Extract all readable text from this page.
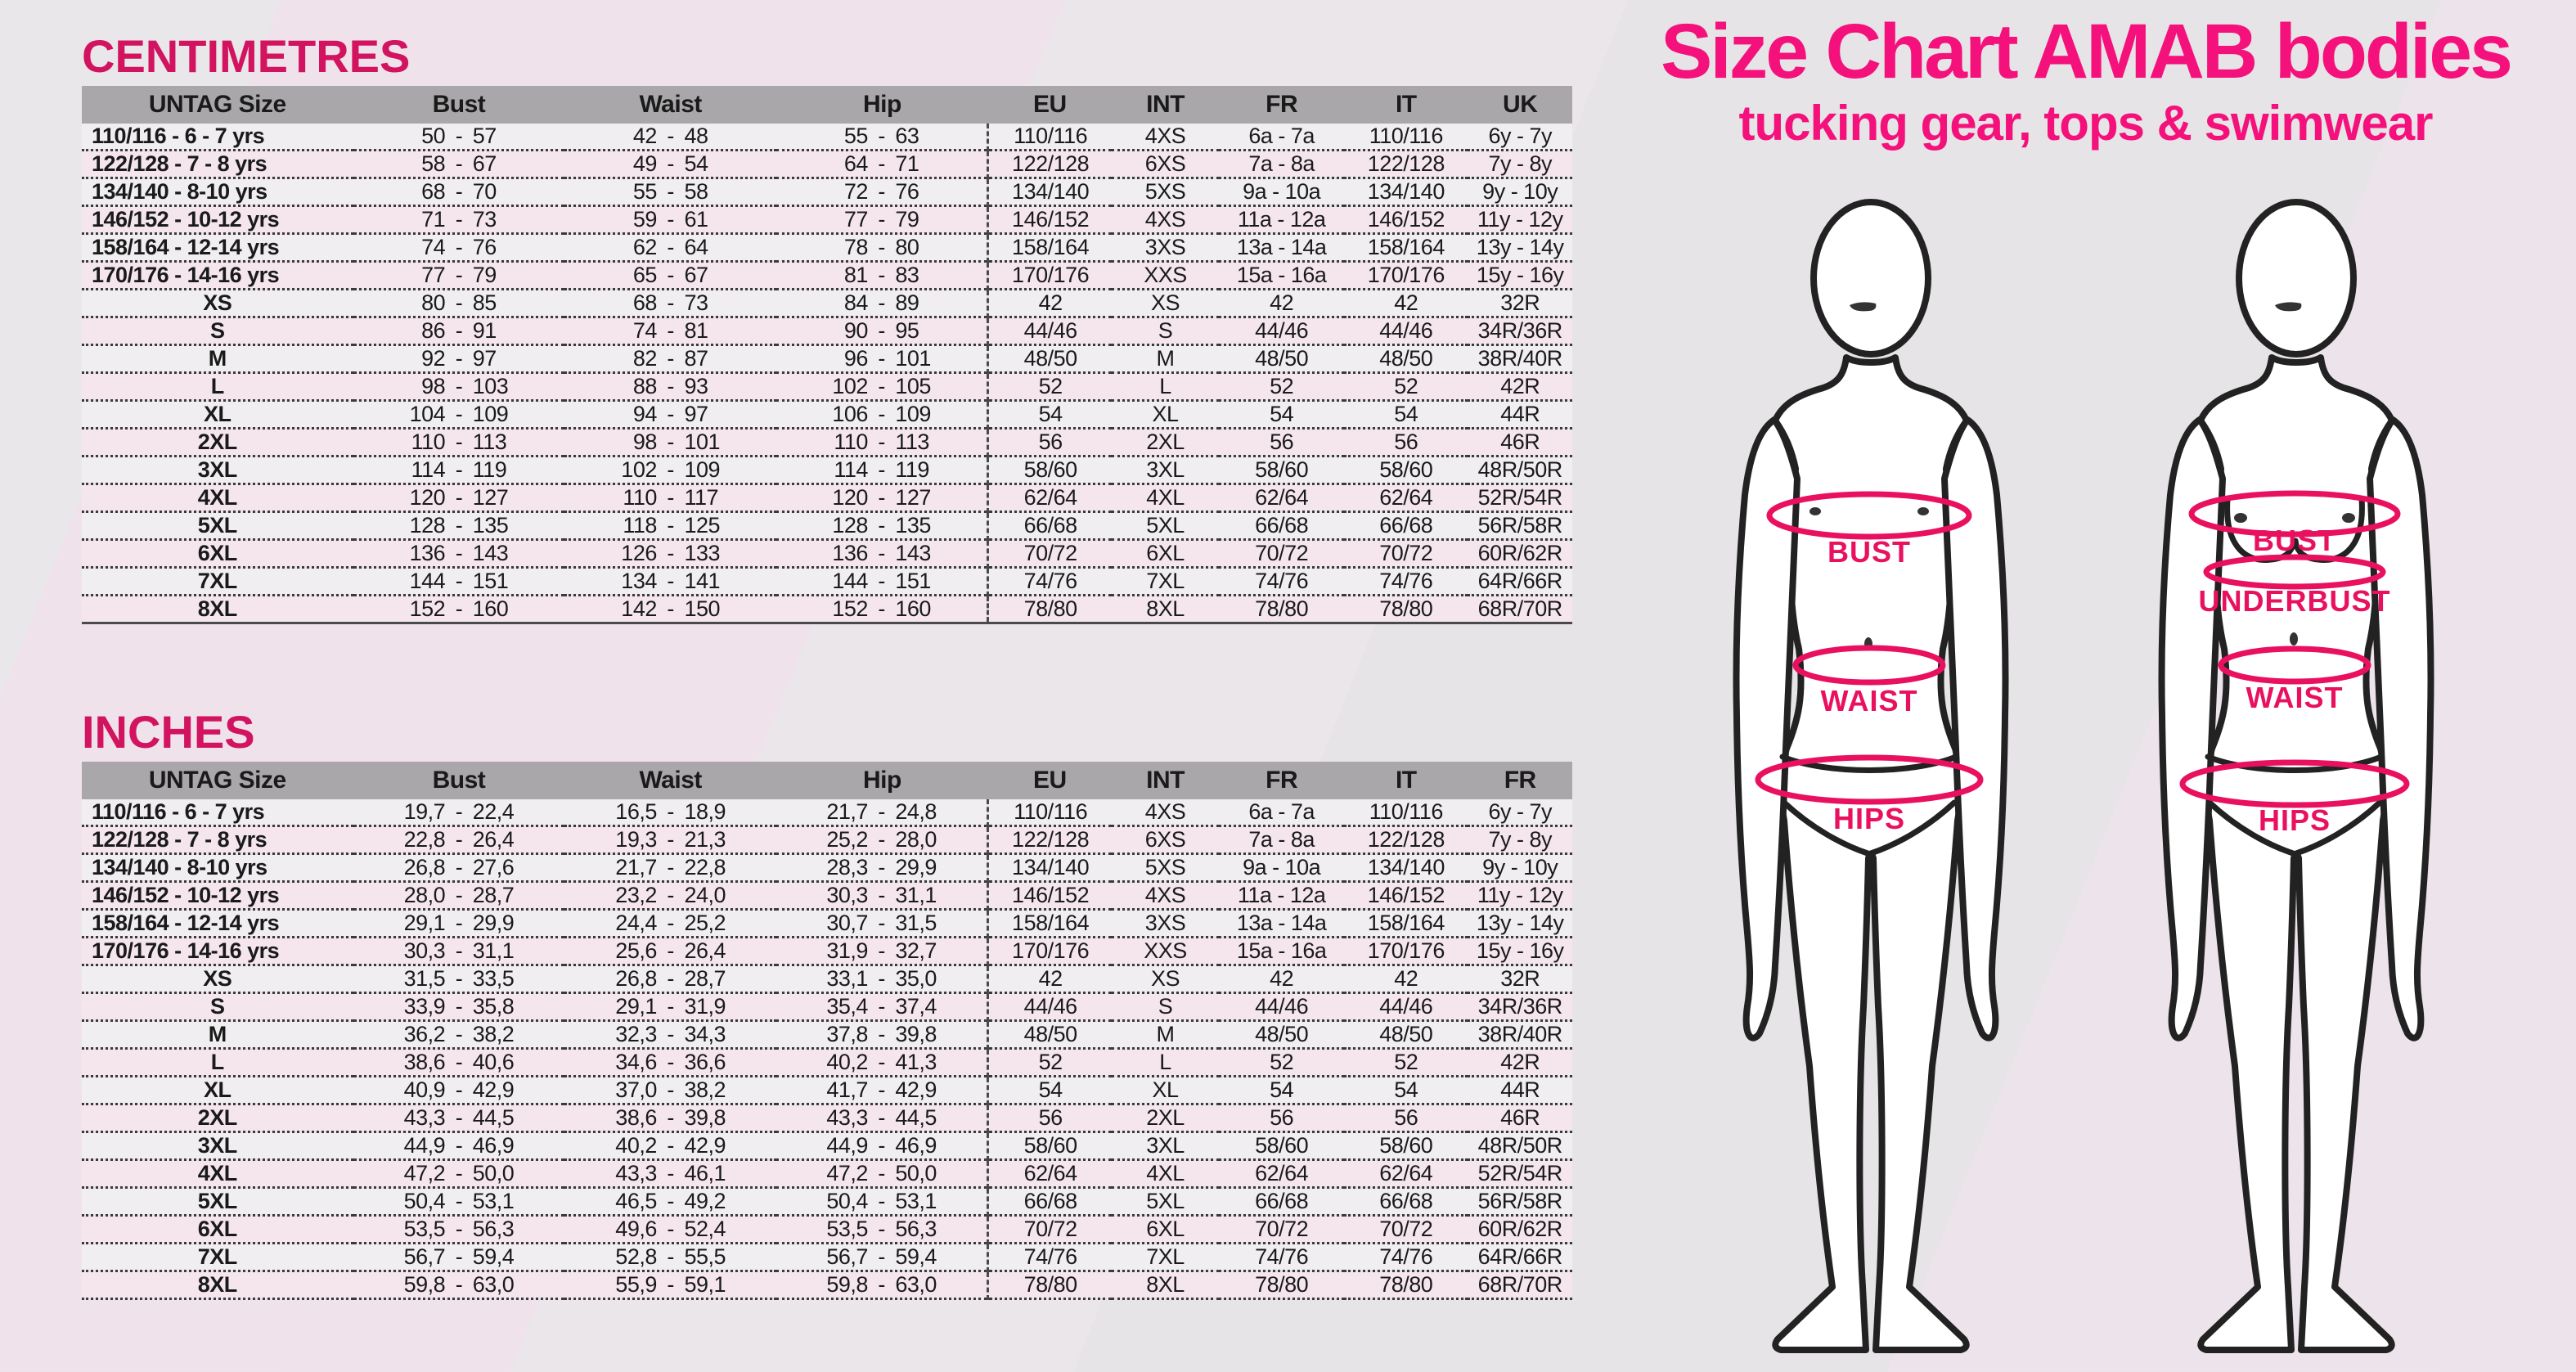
CENTIMETRES
UNTAG Size	Bust	Waist	Hip	EU	INT	FR	IT	UK
110/116 - 6 - 7 yrs	50 - 57	42 - 48	55 - 63	110/116	4XS	6a - 7a	110/116	6y - 7y
122/128 - 7 - 8 yrs	58 - 67	49 - 54	64 - 71	122/128	6XS	7a - 8a	122/128	7y - 8y
134/140 - 8-10 yrs	68 - 70	55 - 58	72 - 76	134/140	5XS	9a - 10a	134/140	9y - 10y
146/152 - 10-12 yrs	71 - 73	59 - 61	77 - 79	146/152	4XS	11a - 12a	146/152	11y - 12y
158/164 - 12-14 yrs	74 - 76	62 - 64	78 - 80	158/164	3XS	13a - 14a	158/164	13y - 14y
170/176 - 14-16 yrs	77 - 79	65 - 67	81 - 83	170/176	XXS	15a - 16a	170/176	15y - 16y
XS	80 - 85	68 - 73	84 - 89	42	XS	42	42	32R
S	86 - 91	74 - 81	90 - 95	44/46	S	44/46	44/46	34R/36R
M	92 - 97	82 - 87	96 - 101	48/50	M	48/50	48/50	38R/40R
L	98 - 103	88 - 93	102 - 105	52	L	52	52	42R
XL	104 - 109	94 - 97	106 - 109	54	XL	54	54	44R
2XL	110 - 113	98 - 101	110 - 113	56	2XL	56	56	46R
3XL	114 - 119	102 - 109	114 - 119	58/60	3XL	58/60	58/60	48R/50R
4XL	120 - 127	110 - 117	120 - 127	62/64	4XL	62/64	62/64	52R/54R
5XL	128 - 135	118 - 125	128 - 135	66/68	5XL	66/68	66/68	56R/58R
6XL	136 - 143	126 - 133	136 - 143	70/72	6XL	70/72	70/72	60R/62R
7XL	144 - 151	134 - 141	144 - 151	74/76	7XL	74/76	74/76	64R/66R
8XL	152 - 160	142 - 150	152 - 160	78/80	8XL	78/80	78/80	68R/70R
INCHES
UNTAG Size	Bust	Waist	Hip	EU	INT	FR	IT	FR
110/116 - 6 - 7 yrs	19,7 - 22,4	16,5 - 18,9	21,7 - 24,8	110/116	4XS	6a - 7a	110/116	6y - 7y
122/128 - 7 - 8 yrs	22,8 - 26,4	19,3 - 21,3	25,2 - 28,0	122/128	6XS	7a - 8a	122/128	7y - 8y
134/140 - 8-10 yrs	26,8 - 27,6	21,7 - 22,8	28,3 - 29,9	134/140	5XS	9a - 10a	134/140	9y - 10y
146/152 - 10-12 yrs	28,0 - 28,7	23,2 - 24,0	30,3 - 31,1	146/152	4XS	11a - 12a	146/152	11y - 12y
158/164 - 12-14 yrs	29,1 - 29,9	24,4 - 25,2	30,7 - 31,5	158/164	3XS	13a - 14a	158/164	13y - 14y
170/176 - 14-16 yrs	30,3 - 31,1	25,6 - 26,4	31,9 - 32,7	170/176	XXS	15a - 16a	170/176	15y - 16y
XS	31,5 - 33,5	26,8 - 28,7	33,1 - 35,0	42	XS	42	42	32R
S	33,9 - 35,8	29,1 - 31,9	35,4 - 37,4	44/46	S	44/46	44/46	34R/36R
M	36,2 - 38,2	32,3 - 34,3	37,8 - 39,8	48/50	M	48/50	48/50	38R/40R
L	38,6 - 40,6	34,6 - 36,6	40,2 - 41,3	52	L	52	52	42R
XL	40,9 - 42,9	37,0 - 38,2	41,7 - 42,9	54	XL	54	54	44R
2XL	43,3 - 44,5	38,6 - 39,8	43,3 - 44,5	56	2XL	56	56	46R
3XL	44,9 - 46,9	40,2 - 42,9	44,9 - 46,9	58/60	3XL	58/60	58/60	48R/50R
4XL	47,2 - 50,0	43,3 - 46,1	47,2 - 50,0	62/64	4XL	62/64	62/64	52R/54R
5XL	50,4 - 53,1	46,5 - 49,2	50,4 - 53,1	66/68	5XL	66/68	66/68	56R/58R
6XL	53,5 - 56,3	49,6 - 52,4	53,5 - 56,3	70/72	6XL	70/72	70/72	60R/62R
7XL	56,7 - 59,4	52,8 - 55,5	56,7 - 59,4	74/76	7XL	74/76	74/76	64R/66R
8XL	59,8 - 63,0	55,9 - 59,1	59,8 - 63,0	78/80	8XL	78/80	78/80	68R/70R
Size Chart AMAB bodies
tucking gear, tops & swimwear
BUST
WAIST
HIPS
BUST
UNDERBUST
WAIST
HIPS
